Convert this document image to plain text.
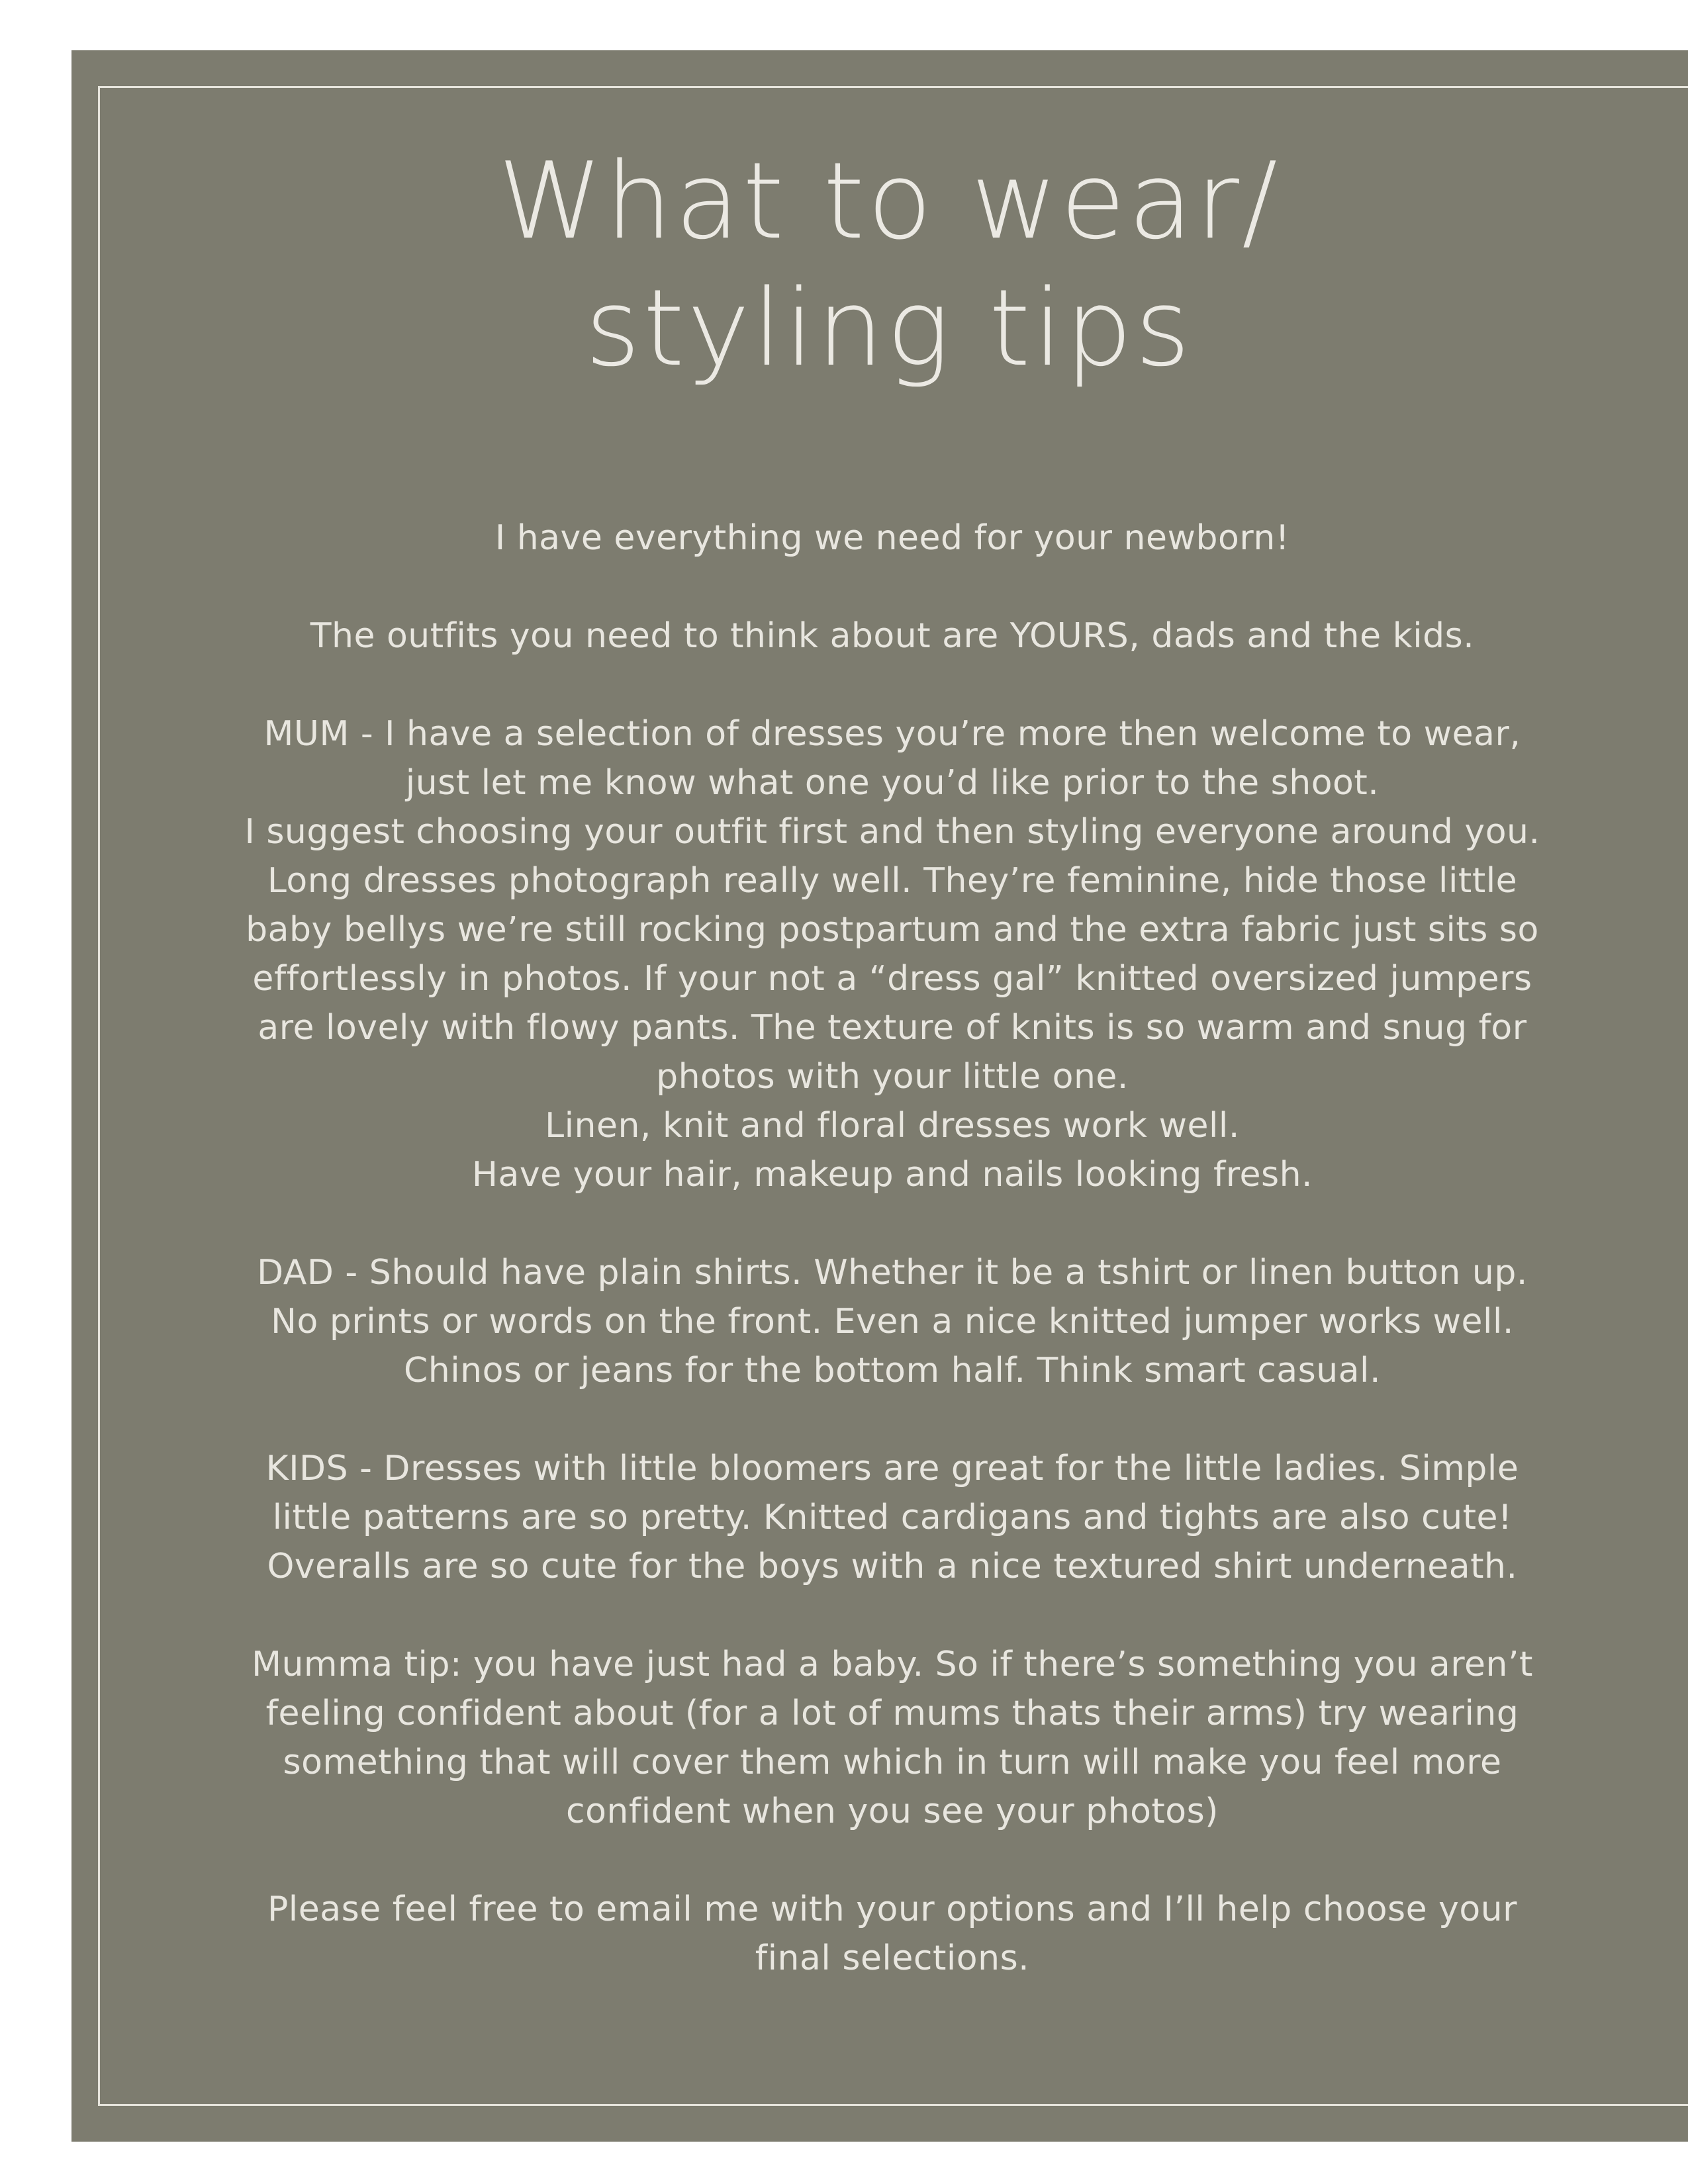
What to wear/
styling tips
I have everything we need for your newborn!
The outfits you need to think about are YOURS, dads and the kids.
MUM - I have a selection of dresses you’re more then welcome to wear,
just let me know what one you’d like prior to the shoot.
I suggest choosing your outfit first and then styling everyone around you.
Long dresses photograph really well. They’re feminine, hide those little
baby bellys we’re still rocking postpartum and the extra fabric just sits so
effortlessly in photos. If your not a “dress gal” knitted oversized jumpers
are lovely with flowy pants. The texture of knits is so warm and snug for
photos with your little one.
Linen, knit and floral dresses work well.
Have your hair, makeup and nails looking fresh.
DAD - Should have plain shirts. Whether it be a tshirt or linen button up.
No prints or words on the front. Even a nice knitted jumper works well.
Chinos or jeans for the bottom half. Think smart casual.
KIDS - Dresses with little bloomers are great for the little ladies. Simple
little patterns are so pretty. Knitted cardigans and tights are also cute!
Overalls are so cute for the boys with a nice textured shirt underneath.
Mumma tip: you have just had a baby. So if there’s something you aren’t
feeling confident about (for a lot of mums thats their arms) try wearing
something that will cover them which in turn will make you feel more
confident when you see your photos)
Please feel free to email me with your options and I’ll help choose your
final selections.
